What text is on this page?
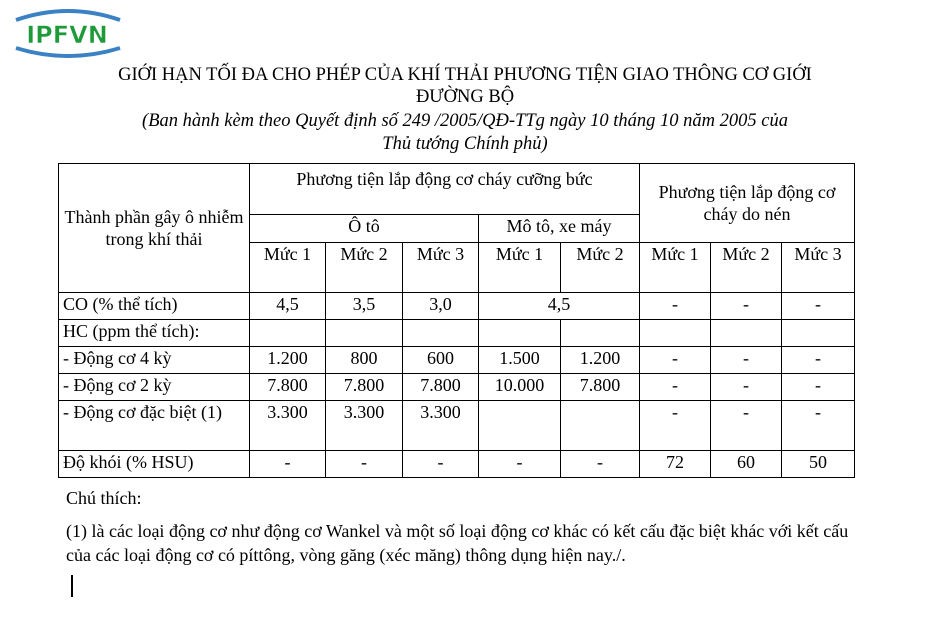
IPFVN
GIỚI HẠN TỐI ĐA CHO PHÉP CỦA KHÍ THẢI PHƯƠNG TIỆN GIAO THÔNG CƠ GIỚI
ĐƯỜNG BỘ
(Ban hành kèm theo Quyết định số 249 /2005/QĐ-TTg ngày 10 tháng 10 năm 2005 của
Thủ tướng Chính phủ)
Thành phần gây ô nhiễm trong khí thải	Phương tiện lắp động cơ cháy cưỡng bức					Phương tiện lắp động cơ cháy do nén		
	Ô tô			Mô tô, xe máy				
	Mức 1	Mức 2	Mức 3	Mức 1	Mức 2	Mức 1	Mức 2	Mức 3
CO (% thể tích)	4,5	3,5	3,0	4,5		-	-	-
HC (ppm thể tích):								
- Động cơ 4 kỳ	1.200	800	600	1.500	1.200	-	-	-
- Động cơ 2 kỳ	7.800	7.800	7.800	10.000	7.800	-	-	-
- Động cơ đặc biệt (1)	3.300	3.300	3.300			-	-	-
Độ khói (% HSU)	-	-	-	-	-	72	60	50
Chú thích:
(1) là các loại động cơ như động cơ Wankel và một số loại động cơ khác có kết cấu đặc biệt khác với kết cấu của các loại động cơ có píttông, vòng găng (xéc măng) thông dụng hiện nay./.
